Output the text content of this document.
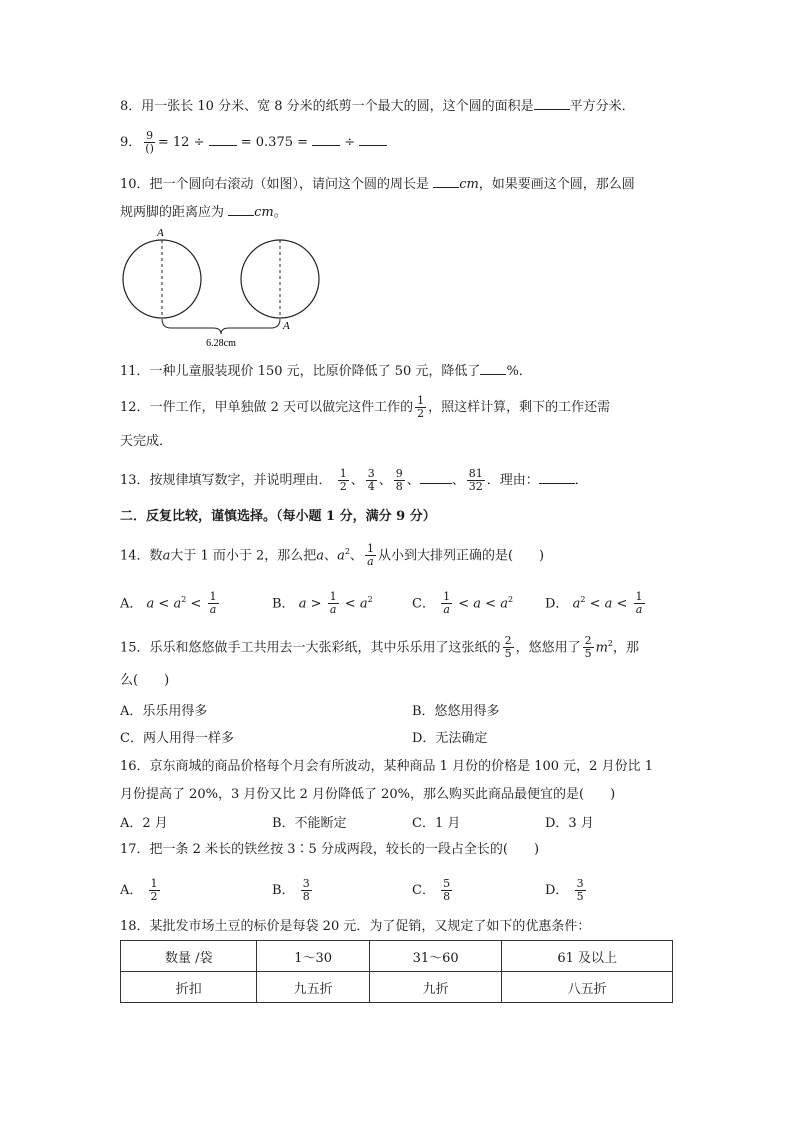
8．用一张长 10 分米、宽 8 分米的纸剪一个最大的圆，这个圆的面积是	平方分米．
9． $\frac{9}{()} = 12$ ÷  = 0.375 =  ÷
10．把一个圆向右滚动（如图），请问这个圆的周长是 cm，如果要画这个圆，那么圆
规两脚的距离应为 cm。
A
A
6.28cm
11．一种儿童服装现价 150 元，比原价降低了 50 元，降低了 %．
12．一件工作，甲单独做 2 天可以做完这件工作的 $\frac{1}{2}$ ，照这样计算，剩下的工作还需
天完成．
13．按规律填写数字，并说明理由． $\frac{1}{2}$ 、 $\frac{3}{4}$ 、 $\frac{9}{8}$ 、 、 $\frac{81}{32}$ ．理由：	．
二．反复比较，谨慎选择。（每小题 1 分，满分 9 分）
14．数a大于 1 而小于 2，那么把a、$a^2$、 $\frac{1}{a}$ 从小到大排列正确的是(　　)
A． $a < a^2 < \frac{1}{a}$	B． $a > \frac{1}{a} < a^2$	C． $\frac{1}{a} < a < a^2$ D． $a^2 < a < \frac{1}{a}$
15．乐乐和悠悠做手工共用去一大张彩纸，其中乐乐用了这张纸的 $\frac{2}{5}$ ，悠悠用了 $\frac{2}{5} m^2$，那
么(　　)
A．乐乐用得多	B．悠悠用得多
C．两人用得一样多	D．无法确定
16．京东商城的商品价格每个月会有所波动，某种商品 1 月份的价格是 100 元，2 月份比 1
月份提高了 20%，3 月份又比 2 月份降低了 20%，那么购买此商品最便宜的是(　　)
A．2 月	B．不能断定	C．1 月	D．3 月
17．把一条 2 米长的铁丝按 3∶5 分成两段，较长的一段占全长的(　　)
A． $\frac{1}{2}$	B． $\frac{3}{8}$	C． $\frac{5}{8}$	D． $\frac{3}{5}$
18．某批发市场土豆的标价是每袋 20 元．为了促销，又规定了如下的优惠条件：
数量 /袋	1～30	31～60	61 及以上
折扣	九五折	九折	八五折
